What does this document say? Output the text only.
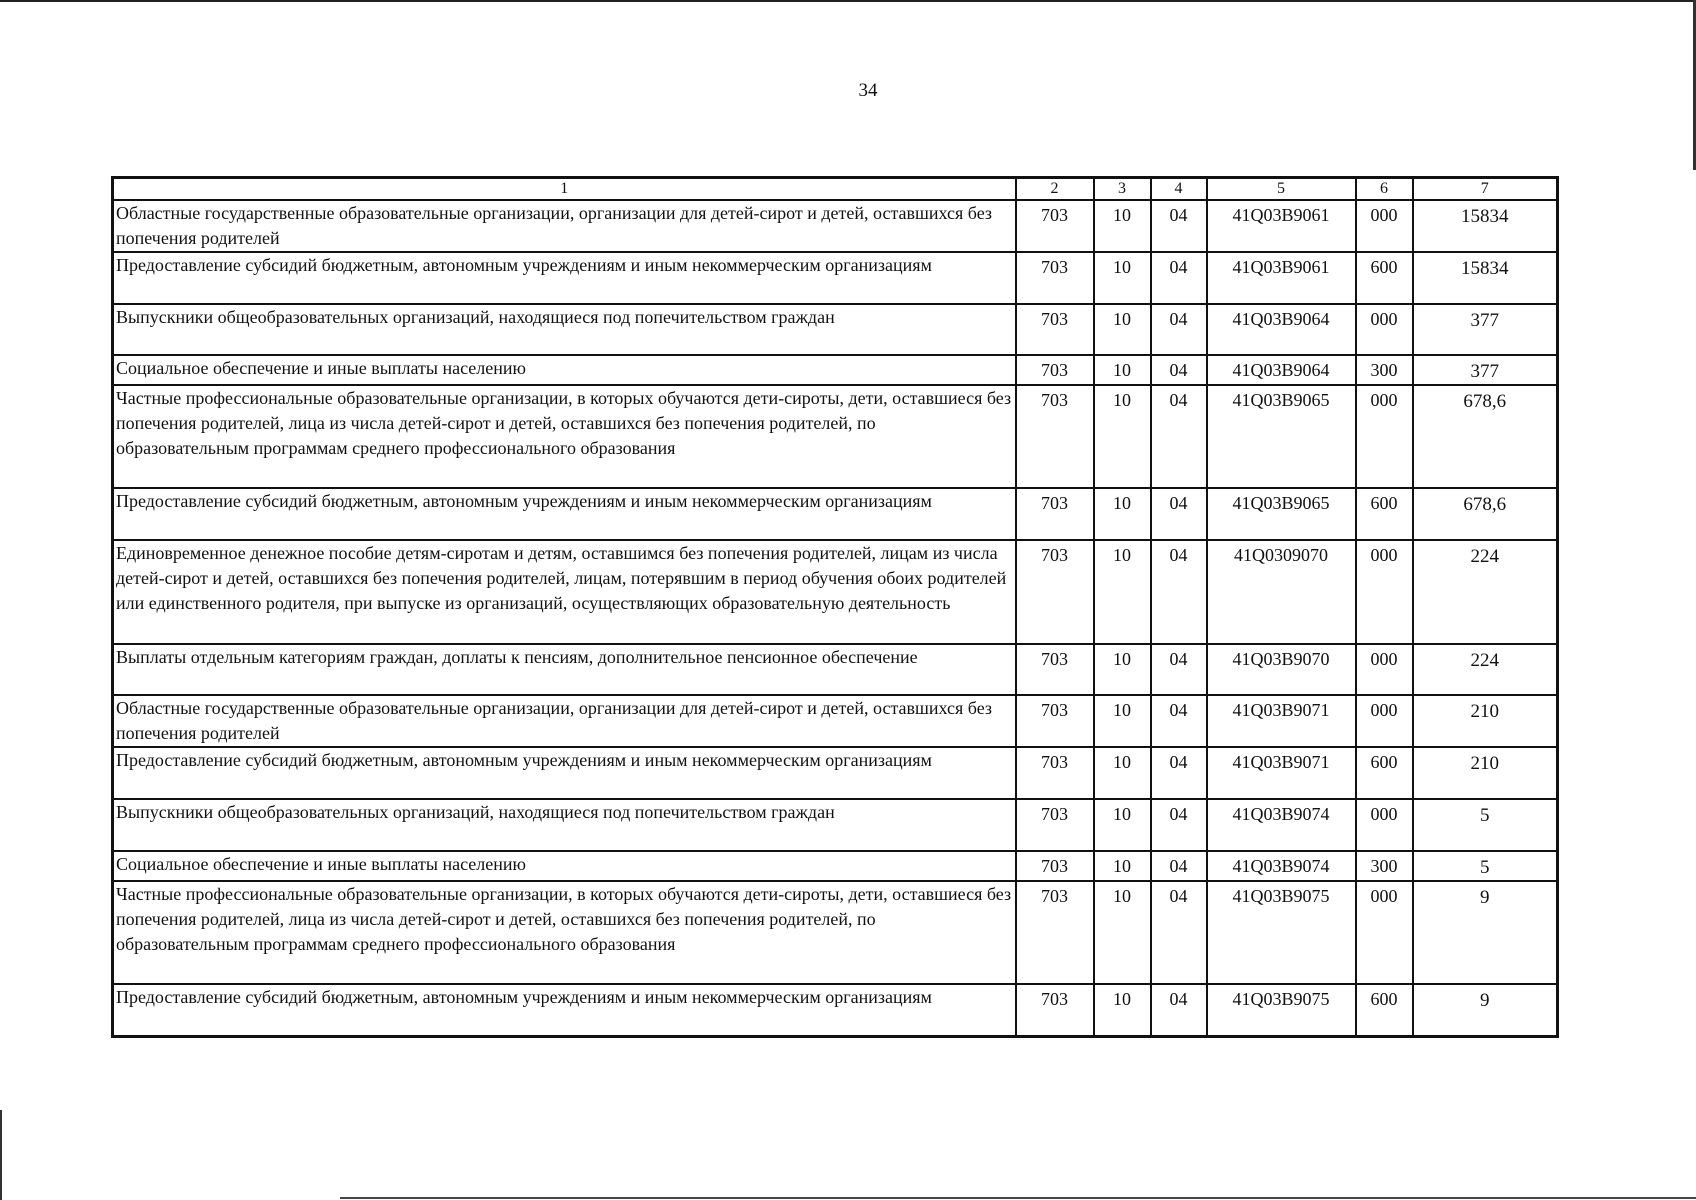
34
1	2	3	4	5	6	7
Областные государственные образовательные организации, организации для детей-сирот и детей, оставшихся без попечения родителей	703	10	04	41Q03B9061	000	15834
Предоставление субсидий бюджетным, автономным учреждениям и иным некоммерческим организациям	703	10	04	41Q03B9061	600	15834
Выпускники общеобразовательных организаций, находящиеся под попечительством граждан	703	10	04	41Q03B9064	000	377
Социальное обеспечение и иные выплаты населению	703	10	04	41Q03B9064	300	377
Частные профессиональные образовательные организации, в которых обучаются дети-сироты, дети, оставшиеся без попечения родителей, лица из числа детей-сирот и детей, оставшихся без попечения родителей, по образовательным программам среднего профессионального образования	703	10	04	41Q03B9065	000	678,6
Предоставление субсидий бюджетным, автономным учреждениям и иным некоммерческим организациям	703	10	04	41Q03B9065	600	678,6
Единовременное денежное пособие детям-сиротам и детям, оставшимся без попечения родителей, лицам из числа детей-сирот и детей, оставшихся без попечения родителей, лицам, потерявшим в период обучения обоих родителей или единственного родителя, при выпуске из организаций, осуществляющих образовательную деятельность	703	10	04	41Q0309070	000	224
Выплаты отдельным категориям граждан, доплаты к пенсиям, дополнительное пенсионное обеспечение	703	10	04	41Q03B9070	000	224
Областные государственные образовательные организации, организации для детей-сирот и детей, оставшихся без попечения родителей	703	10	04	41Q03B9071	000	210
Предоставление субсидий бюджетным, автономным учреждениям и иным некоммерческим организациям	703	10	04	41Q03B9071	600	210
Выпускники общеобразовательных организаций, находящиеся под попечительством граждан	703	10	04	41Q03B9074	000	5
Социальное обеспечение и иные выплаты населению	703	10	04	41Q03B9074	300	5
Частные профессиональные образовательные организации, в которых обучаются дети-сироты, дети, оставшиеся без попечения родителей, лица из числа детей-сирот и детей, оставшихся без попечения родителей, по образовательным программам среднего профессионального образования	703	10	04	41Q03B9075	000	9
Предоставление субсидий бюджетным, автономным учреждениям и иным некоммерческим организациям	703	10	04	41Q03B9075	600	9
